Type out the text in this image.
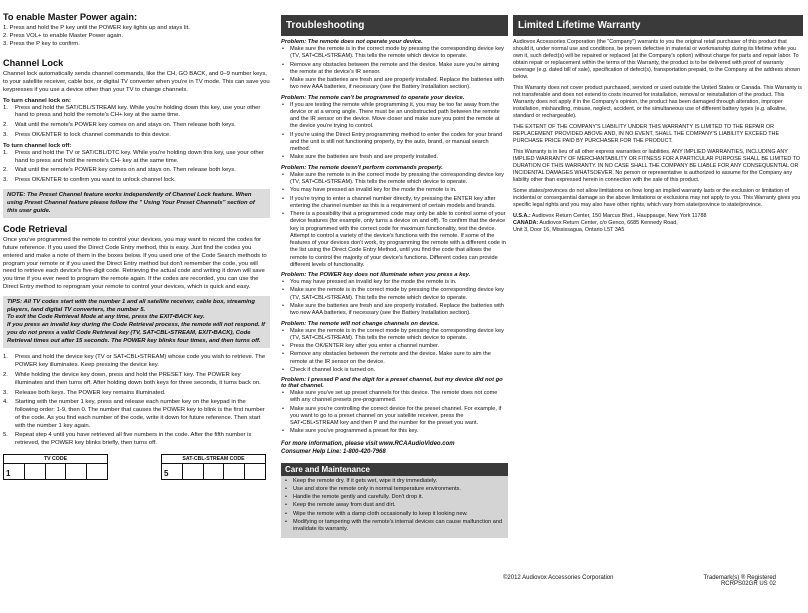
To enable Master Power again:

1. Press and hold the P key until the POWER key lights up and stays lit.

2. Press VOL+ to enable Master Power again.

3. Press the P key to confirm.

Channel Lock

Channel lock automatically sends channel commands, like the CH, GO BACK, and 0–9 number keys, to your satellite receiver, cable box, or digital TV converter when you're in TV mode. This can save you keypresses if you use a device other than your TV to change channels.

To turn channel lock on:
1.	Press and hold the SAT/CBL/STREAM key. While you're holding down this key, use your other hand to press and hold the remote's CH+ key at the same time.
2.	Wait until the remote's POWER key comes on and stays on. Then release both keys.
3.	Press OK/ENTER to lock channel commands to this device.
To turn channel lock off:
1.	Press and hold the TV or SAT/CBL/DTC key. While you're holding down this key, use your other hand to press and hold the remote's CH- key at the same time.
2.	Wait until the remote's POWER key comes on and stays on. Then release both keys.
3.	Press OK/ENTER to confirm you want to unlock channel lock.

NOTE: The Preset Channel feature works independently of Channel Lock feature. When using Preset Channel feature please follow the " Using Your Preset Channels" section of this user guide.

Code Retrieval

Once you've programmed the remote to control your devices, you may want to record the codes for future reference. If you used the Direct Code Entry method, this is easy. Just find the codes you entered and make a note of them in the boxes below. If you used one of the Code Search methods to program your remote or if you used the Direct Entry method but don't remember the code, you will need to retrieve each device's five-digit code. Retrieving the actual code and writing it down will save you time if you ever need to program the remote again. If the codes are recorded, you can use the Direct Entry method to reprogram your remote to control your devices, which is quick and easy.

TIPS: All TV codes start with the number 1 and all satellite receiver, cable box, streaming players, tand digital TV converters, the number 5.

To exit the Code Retrieval Mode at any time, press the EXIT•BACK key.

If you press an invalid key during the Code Retrieval process, the remote will not respond. If you do not press a valid Code Retrieval key (TV, SAT•CBL•STREAM, EXIT•BACK), Code Retrieval times out after 15 seconds. The POWER key blinks four times, and then turns off.

1.	Press and hold the device key (TV or SAT•CBL•STREAM) whose code you wish to retrieve. The POWER key illuminates. Keep pressing the device key.
2.	While holding the device key down, press and hold the PRESET key. The POWER key illuminates and then turns off. After holding down both keys for three seconds, it turns back on.
3.	Release both keys. The POWER key remains illuminated.
4.	Starting with the number 1 key, press and release each number key on the keypad in the following order: 1-9, then 0. The number that causes the POWER key to blink is the first number of the code. As you find each number of the code, write it down for future reference. Then start with the number 1 key again.
5.	Repeat step 4 until you have retrieved all five numbers in the code. After the fifth number is retrieved, the POWER key blinks briefly, then turns off.
TV CODE
1
SAT-CBL-STREAM CODE
5
Troubleshooting
Problem: The remote does not operate your device.
•	Make sure the remote is in the correct mode by pressing the corresponding device key (TV, SAT•CBL•STREAM). This tells the remote which device to operate.
•	Remove any obstacles between the remote and the device. Make sure you're aiming the remote at the device's IR sensor.
•	Make sure the batteries are fresh and are properly installed. Replace the batteries with two new AAA batteries, if necessary (see the Battery Installation section).
Problem: The remote can't be programmed to operate your device.
•	If you are testing the remote while programming it, you may be too far away from the device or at a wrong angle. There must be an unobstructed path between the remote and the IR sensor on the device. Move closer and make sure you point the remote at the device you're trying to control.
•	If you're using the Direct Entry programming method to enter the codes for your brand and the unit is still not functioning properly, try the auto, brand, or manual search method.
•	Make sure the batteries are fresh and are properly installed.
Problem: The remote doesn't perform commands properly.
•	Make sure the remote is in the correct mode by pressing the corresponding device key (TV, SAT•CBL•STREAM). This tells the remote which device to operate.
•	You may have pressed an invalid key for the mode the remote is in.
•	If you're trying to enter a channel number directly, try pressing the ENTER key after entering the channel number as this is a requirement of certain models and brands.
•	There is a possibility that a programmed code may only be able to control some of your device features (for example, only turns a device on and off). To confirm that the device key is programmed with the correct code for maximum functionality, test the device. Attempt to control a variety of the device's functions with the remote. If some of the features of your devices don't work, try programming the remote with a different code in the list using the Direct Code Entry Method, until you find the code that allows the remote to control the majority of your device's functions. Different codes can provide different levels of functionality.
Problem: The POWER key does not illuminate when you press a key.
•	You may have pressed an invalid key for the mode the remote is in.
•	Make sure the remote is in the correct mode by pressing the corresponding device key (TV, SAT•CBL•STREAM). This tells the remote which device to operate.
•	Make sure the batteries are fresh and are properly installed. Replace the batteries with two new AAA batteries, if necessary (see the Battery Installation section).
Problem: The remote will not change channels on device.
•	Make sure the remote is in the correct mode by pressing the corresponding device key (TV, SAT•CBL•STREAM). This tells the remote which device to operate.
•	Press the OK/ENTER key after you enter a channel number.
•	Remove any obstacles between the remote and the device. Make sure to aim the remote at the IR sensor on the device.
•	Check if channel lock is turned on.
Problem: I pressed P and the digit for a preset channel, but my device did not go to that channel.
•	Make sure you've set up preset channels for this device. The remote does not come with any channel presets pre-programmed.
•	Make sure you're controlling the correct device for the preset channel. For example, if you want to go to a preset channel on your satellite receiver, press the SAT•CBL•STREAM key and then P and the number for the preset you want.
•	Make sure you've programmed a preset for this key.
For more information, please visit www.RCAAudioVideo.com
Consumer Help Line: 1-800-420-7968
Care and Maintenance
•	Keep the remote dry. If it gets wet, wipe it dry immediately.
•	Use and store the remote only in normal temperature environments.
•	Handle the remote gently and carefully. Don't drop it.
•	Keep the remote away from dust and dirt.
•	Wipe the remote with a damp cloth occasionally to keep it looking new.
•	Modifying or tampering with the remote's internal devices can cause malfunction and invalidate its warranty.
Limited Lifetime Warranty

Audiovox Accessories Corporation (the "Company") warrants to you the original retail purchaser of this product that should it, under normal use and conditions, be proven defective in material or workmanship during its lifetime while you own it, such defect(s) will be repaired or replaced (at the Company's option) without charge for parts and repair labor. To obtain repair or replacement within the terms of this Warranty, the product is to be delivered with proof of warranty coverage (e.g. dated bill of sale), specification of defect(s), transportation prepaid, to the Company at the address shown below.

This Warranty does not cover product purchased, serviced or used outside the United States or Canada. This Warranty is not transferable and does not extend to costs incurred for installation, removal or reinstallation of the product. This Warranty does not apply if in the Company's opinion, the product has been damaged through alteration, improper installation, mishandling, misuse, neglect, accident, or the simultaneous use of different battery types (e.g. alkaline, standard or rechargeable).

THE EXTENT OF THE COMPANY'S LIABILITY UNDER THIS WARRANTY IS LIMITED TO THE REPAIR OR REPLACEMENT PROVIDED ABOVE AND, IN NO EVENT, SHALL THE COMPANY'S LIABILITY EXCEED THE PURCHASE PRICE PAID BY PURCHASER FOR THE PRODUCT.

This Warranty is in lieu of all other express warranties or liabilities. ANY IMPLIED WARRANTIES, INCLUDING ANY IMPLIED WARRANTY OF MERCHANTABILITY OR FITNESS FOR A PARTICULAR PURPOSE SHALL BE LIMITED TO DURATION OF THIS WARRANTY. IN NO CASE SHALL THE COMPANY BE LIABLE FOR ANY CONSEQUENTIAL OR INCIDENTAL DAMAGES WHATSOEVER. No person or representative is authorized to assume for the Company any liability other than expressed herein in connection with the sale of this product.

Some states/provinces do not allow limitations on how long an implied warranty lasts or the exclusion or limitation of incidental or consequential damage so the above limitations or exclusions may not apply to you. This Warranty gives you specific legal rights and you may also have other rights, which vary from state/province to state/province.

U.S.A.: Audiovox Return Center, 150 Marcus Blvd., Hauppauge, New York 11788

CANADA: Audiovox Return Center, c/o Genco, 6685 Kennedy Road,

Unit 3, Door 16, Mississagua, Ontario L5T 3A5

©2012 Audiovox Accessories Corporation	Trademark(s) ® Registered
RCRPS02GR US 02
